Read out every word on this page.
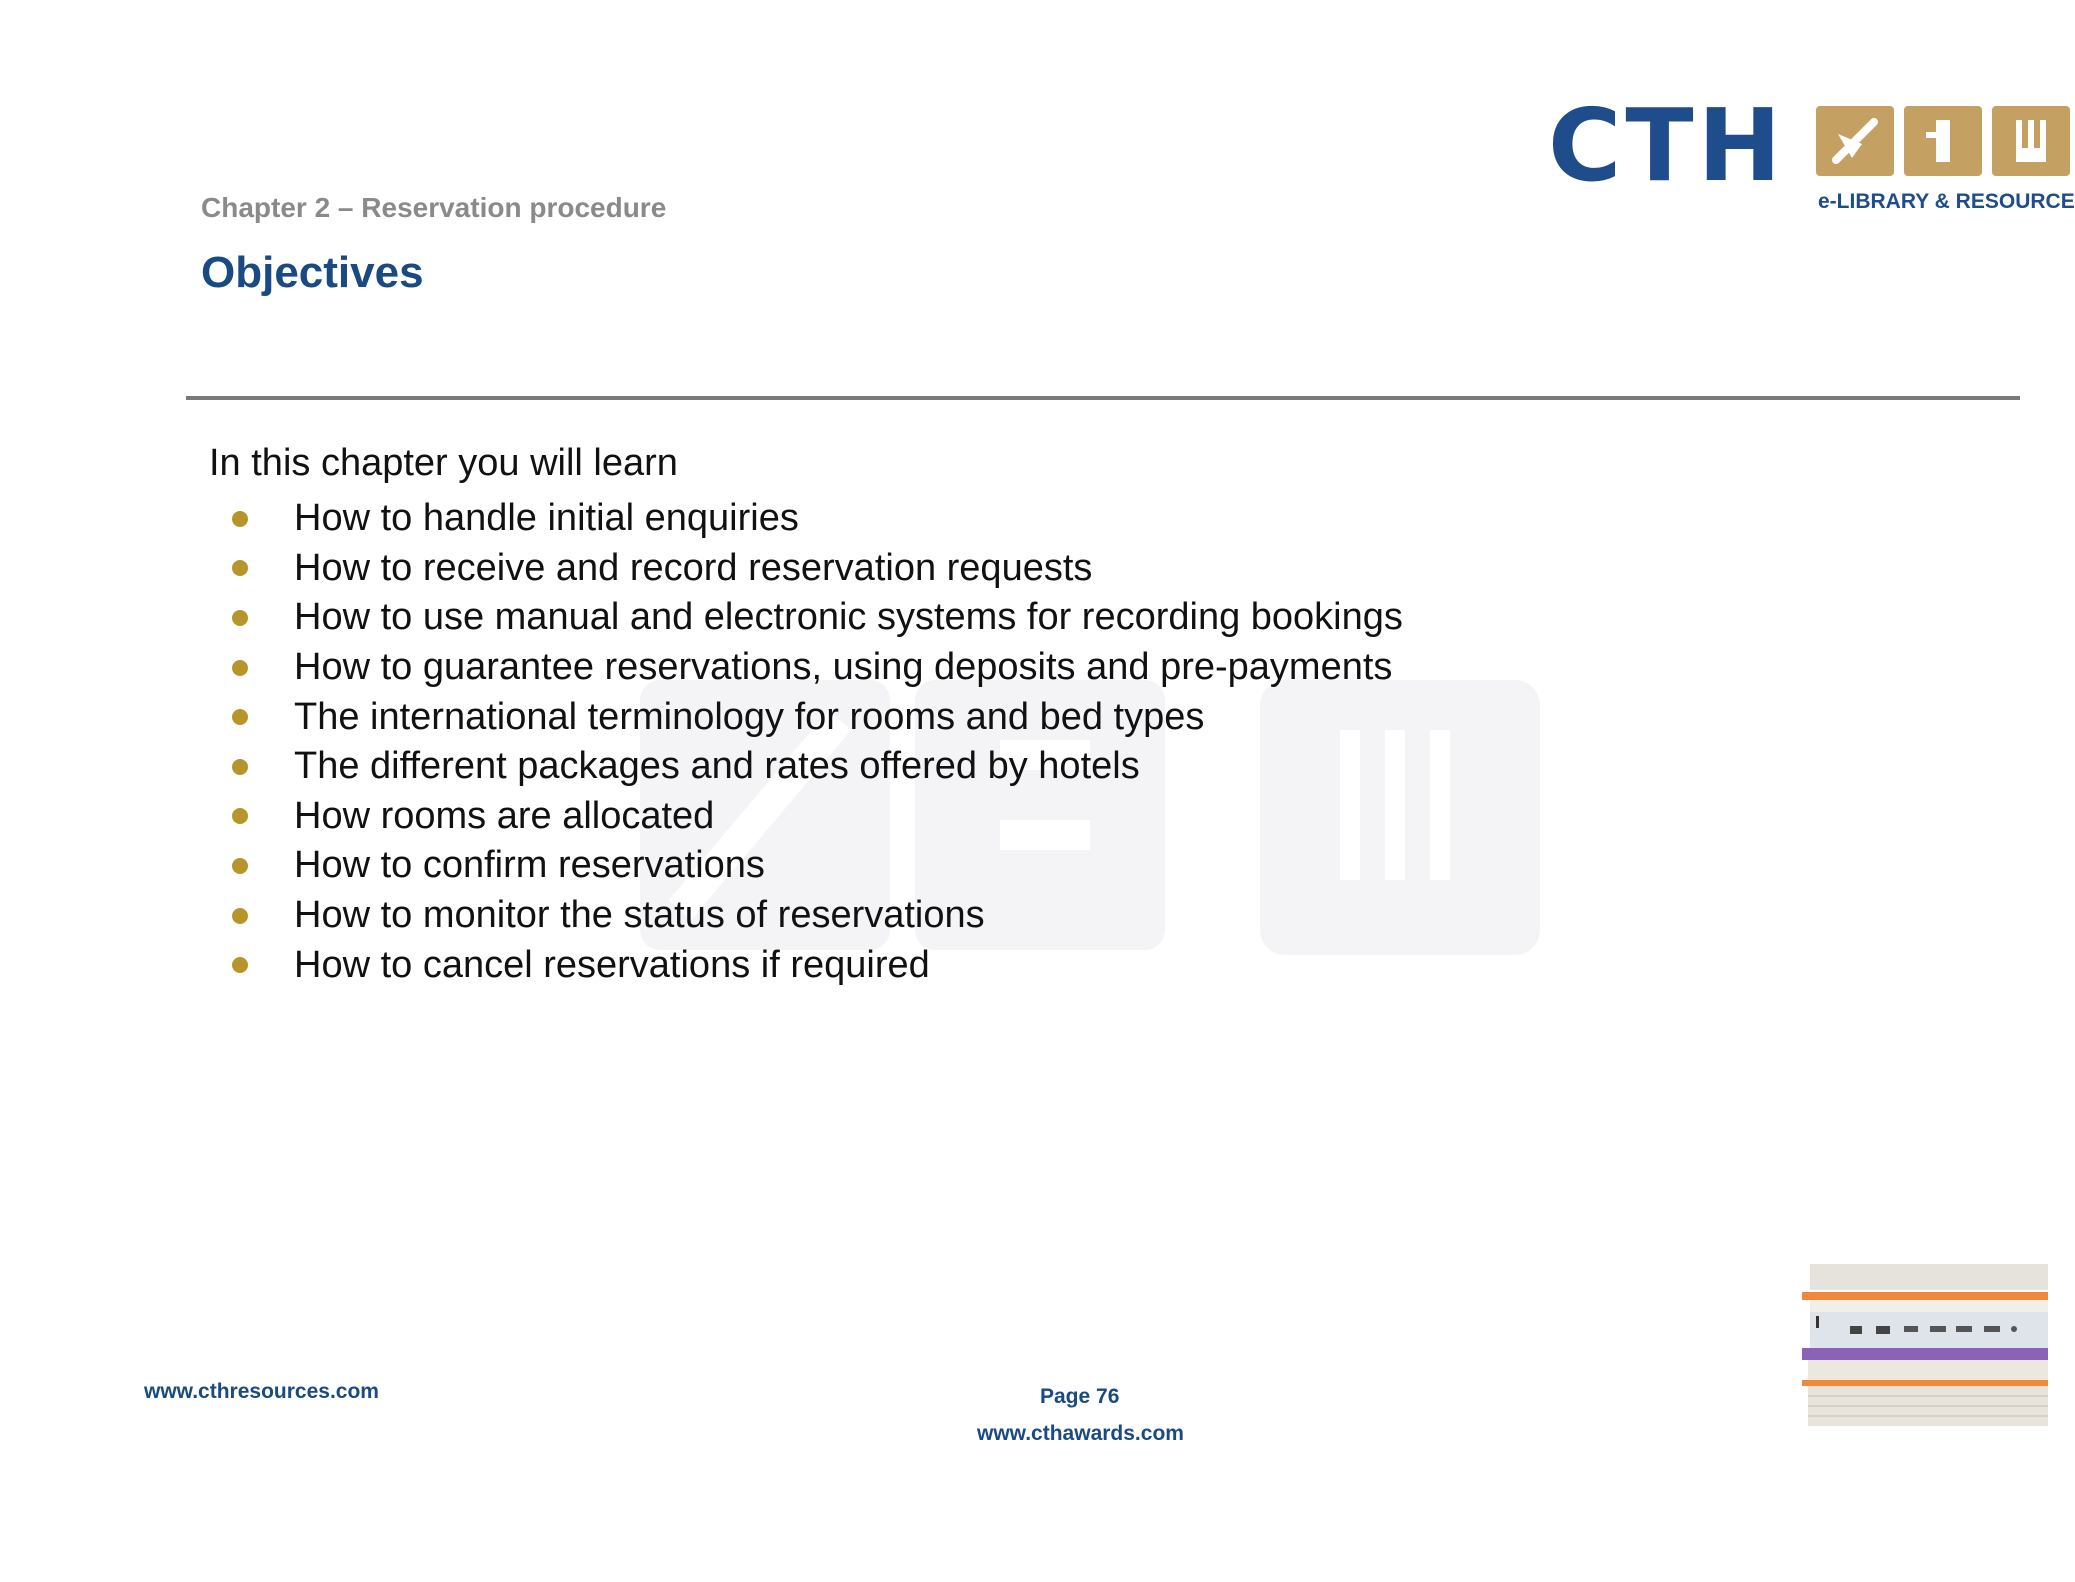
Chapter 2 – Reservation procedure
Objectives
CTH e-LIBRARY & RESOURCE
In this chapter you will learn
How to handle initial enquiries
How to receive and record reservation requests
How to use manual and electronic systems for recording bookings
How to guarantee reservations, using deposits and pre-payments
The international terminology for rooms and bed types
The different packages and rates offered by hotels
How rooms are allocated
How to confirm reservations
How to monitor the status of reservations
How to cancel reservations if required
www.cthresources.com	Page 76
www.cthawards.com
